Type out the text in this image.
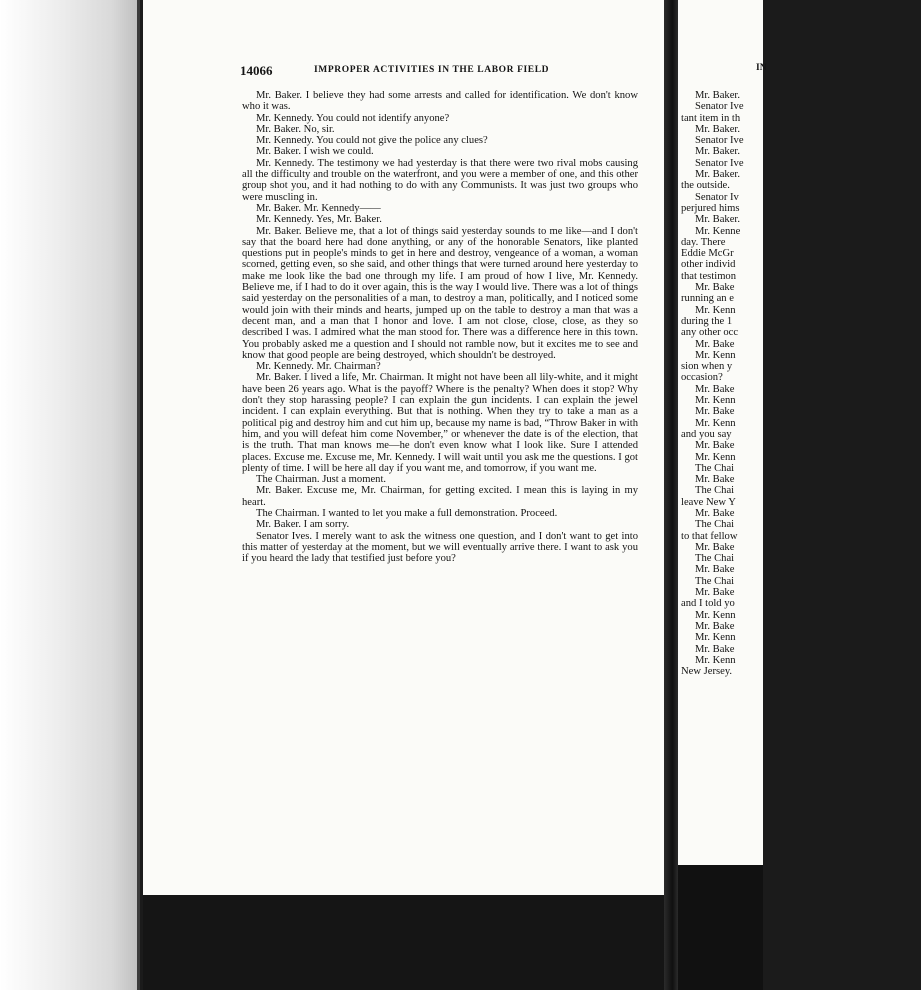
14066	IMPROPER ACTIVITIES IN THE LABOR FIELD

Mr. Baker. I believe they had some arrests and called for identification. We don't know who it was.

Mr. Kennedy. You could not identify anyone?

Mr. Baker. No, sir.

Mr. Kennedy. You could not give the police any clues?

Mr. Baker. I wish we could.

Mr. Kennedy. The testimony we had yesterday is that there were two rival mobs causing all the difficulty and trouble on the waterfront, and you were a member of one, and this other group shot you, and it had nothing to do with any Communists. It was just two groups who were muscling in.

Mr. Baker. Mr. Kennedy——

Mr. Kennedy. Yes, Mr. Baker.

Mr. Baker. Believe me, that a lot of things said yesterday sounds to me like—and I don't say that the board here had done anything, or any of the honorable Senators, like planted questions put in people's minds to get in here and destroy, vengeance of a woman, a woman scorned, getting even, so she said, and other things that were turned around here yesterday to make me look like the bad one through my life. I am proud of how I live, Mr. Kennedy. Believe me, if I had to do it over again, this is the way I would live. There was a lot of things said yesterday on the personalities of a man, to destroy a man, politically, and I noticed some would join with their minds and hearts, jumped up on the table to destroy a man that was a decent man, and a man that I honor and love. I am not close, close, close, as they so described I was. I admired what the man stood for. There was a difference here in this town. You probably asked me a question and I should not ramble now, but it excites me to see and know that good people are being destroyed, which shouldn't be destroyed.

Mr. Kennedy. Mr. Chairman?

Mr. Baker. I lived a life, Mr. Chairman. It might not have been all lily-white, and it might have been 26 years ago. What is the payoff? Where is the penalty? When does it stop? Why don't they stop harassing people? I can explain the gun incidents. I can explain the jewel incident. I can explain everything. But that is nothing. When they try to take a man as a political pig and destroy him and cut him up, because my name is bad, “Throw Baker in with him, and you will defeat him come November,” or whenever the date is of the election, that is the truth. That man knows me—he don't even know what I look like. Sure I attended places. Excuse me. Excuse me, Mr. Kennedy. I will wait until you ask me the questions. I got plenty of time. I will be here all day if you want me, and tomorrow, if you want me.

The Chairman. Just a moment.

Mr. Baker. Excuse me, Mr. Chairman, for getting excited. I mean this is laying in my heart.

The Chairman. I wanted to let you make a full demonstration. Proceed.

Mr. Baker. I am sorry.

Senator Ives. I merely want to ask the witness one question, and I don't want to get into this matter of yesterday at the moment, but we will eventually arrive there. I want to ask you if you heard the lady that testified just before you?

IN
Mr. Baker.
Senator Ive
tant item in th
Mr. Baker.
Senator Ive
Mr. Baker.
Senator Ive
Mr. Baker.
the outside.
Senator Iv
perjured hims
Mr. Baker.
Mr. Kenne
day. There
Eddie McGr
other individ
that testimon
Mr. Bake
running an e
Mr. Kenn
during the 1
any other occ
Mr. Bake
Mr. Kenn
sion when y
occasion?
Mr. Bake
Mr. Kenn
Mr. Bake
Mr. Kenn
and you say
Mr. Bake
Mr. Kenn
The Chai
Mr. Bake
The Chai
leave New Y
Mr. Bake
The Chai
to that fellow
Mr. Bake
The Chai
Mr. Bake
The Chai
Mr. Bake
and I told yo
Mr. Kenn
Mr. Bake
Mr. Kenn
Mr. Bake
Mr. Kenn
New Jersey.
